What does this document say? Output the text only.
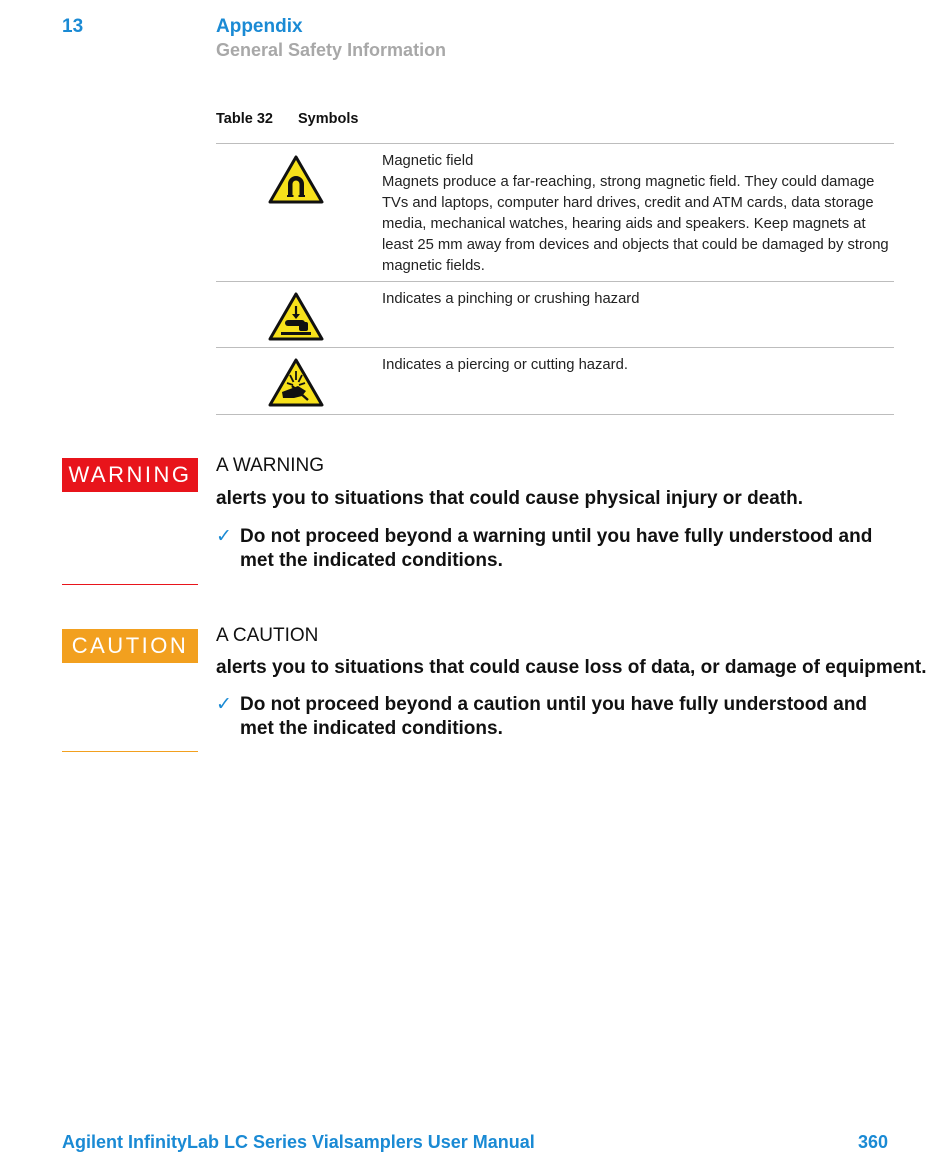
13	Appendix
General Safety Information
Table 32 Symbols

Magnetic field

Magnets produce a far-reaching, strong magnetic field. They could damage TVs and laptops, computer hard drives, credit and ATM cards, data storage media, mechanical watches, hearing aids and speakers. Keep magnets at least 25 mm away from devices and objects that could be damaged by strong magnetic fields.

Indicates a pinching or crushing hazard

Indicates a piercing or cutting hazard.

WARNING	A WARNING
alerts you to situations that could cause physical injury or death.
✓ Do not proceed beyond a warning until you have fully understood and met the indicated conditions.
CAUTION	A CAUTION
alerts you to situations that could cause loss of data, or damage of equipment.
✓ Do not proceed beyond a caution until you have fully understood and met the indicated conditions.
Agilent InfinityLab LC Series Vialsamplers User Manual	360
